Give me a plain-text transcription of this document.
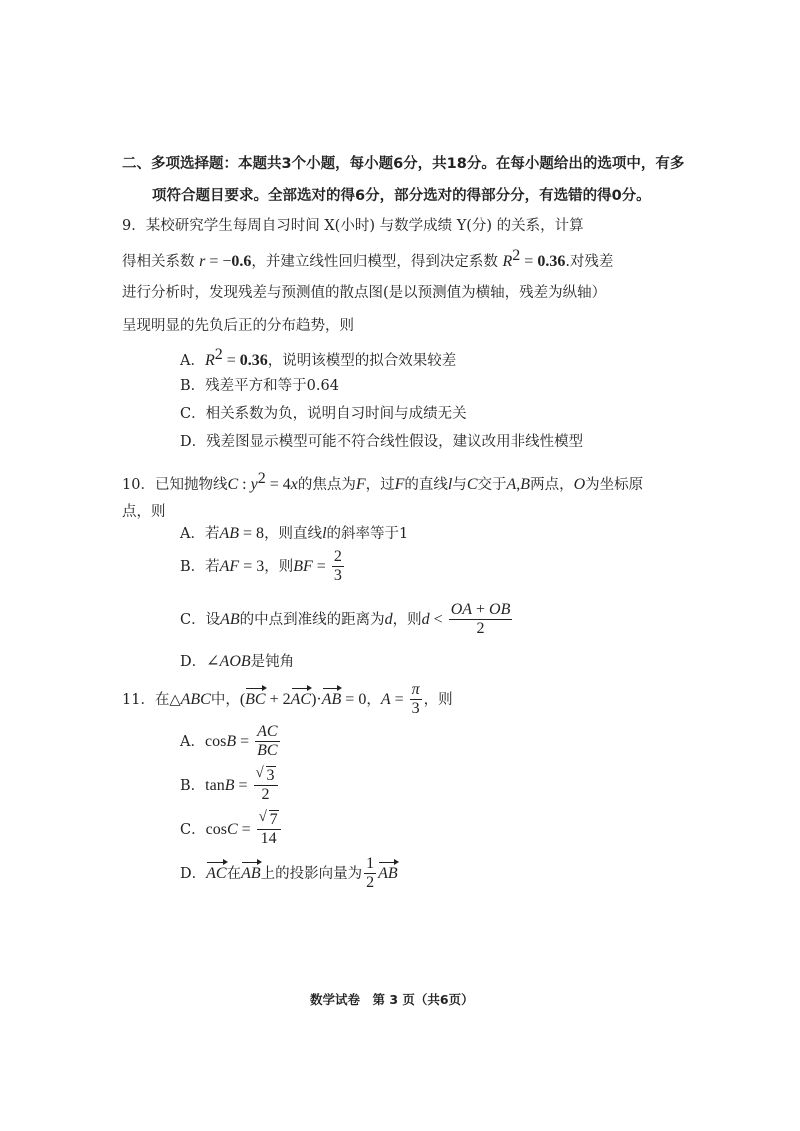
二、多项选择题：本题共3个小题，每小题6分，共18分。在每小题给出的选项中，有多
项符合题目要求。全部选对的得6分，部分选对的得部分分，有选错的得0分。
9．某校研究学生每周自习时间 X(小时) 与数学成绩 Y(分) 的关系，计算
得相关系数 r = −0.6，并建立线性回归模型，得到决定系数 $R^2 = 0.36$.对残差
进行分析时，发现残差与预测值的散点图(是以预测值为横轴，残差为纵轴）
呈现明显的先负后正的分布趋势，则
A．$R^2 = 0.36$，说明该模型的拟合效果较差
B．残差平方和等于0.64
C．相关系数为负，说明自习时间与成绩无关
D．残差图显示模型可能不符合线性假设，建议改用非线性模型
10．已知抛物线C : $y^2 = 4x$的焦点为F，过F的直线l与C交于A,B两点，O为坐标原
点，则
A．若AB = 8，则直线l的斜率等于1
B．若AF = 3，则BF = $\frac{2}{3}$
C．设AB的中点到准线的距离为d，则$d < \frac{OA + OB}{2}$
D．∠AOB是钝角
11．在△ABC中，(BC + 2AC)·AB = 0，$A = \frac{\pi}{3}$ ，则
A．$\cos B = \frac{AC}{BC}$
B．$\tan B = \frac{√ 3}{2}$
C．$\cos C = \frac{√ 7}{14}$
D．AC在AB上的投影向量为 $\frac{1}{2}$ AB
数学试卷　第 3 页（共6页）
